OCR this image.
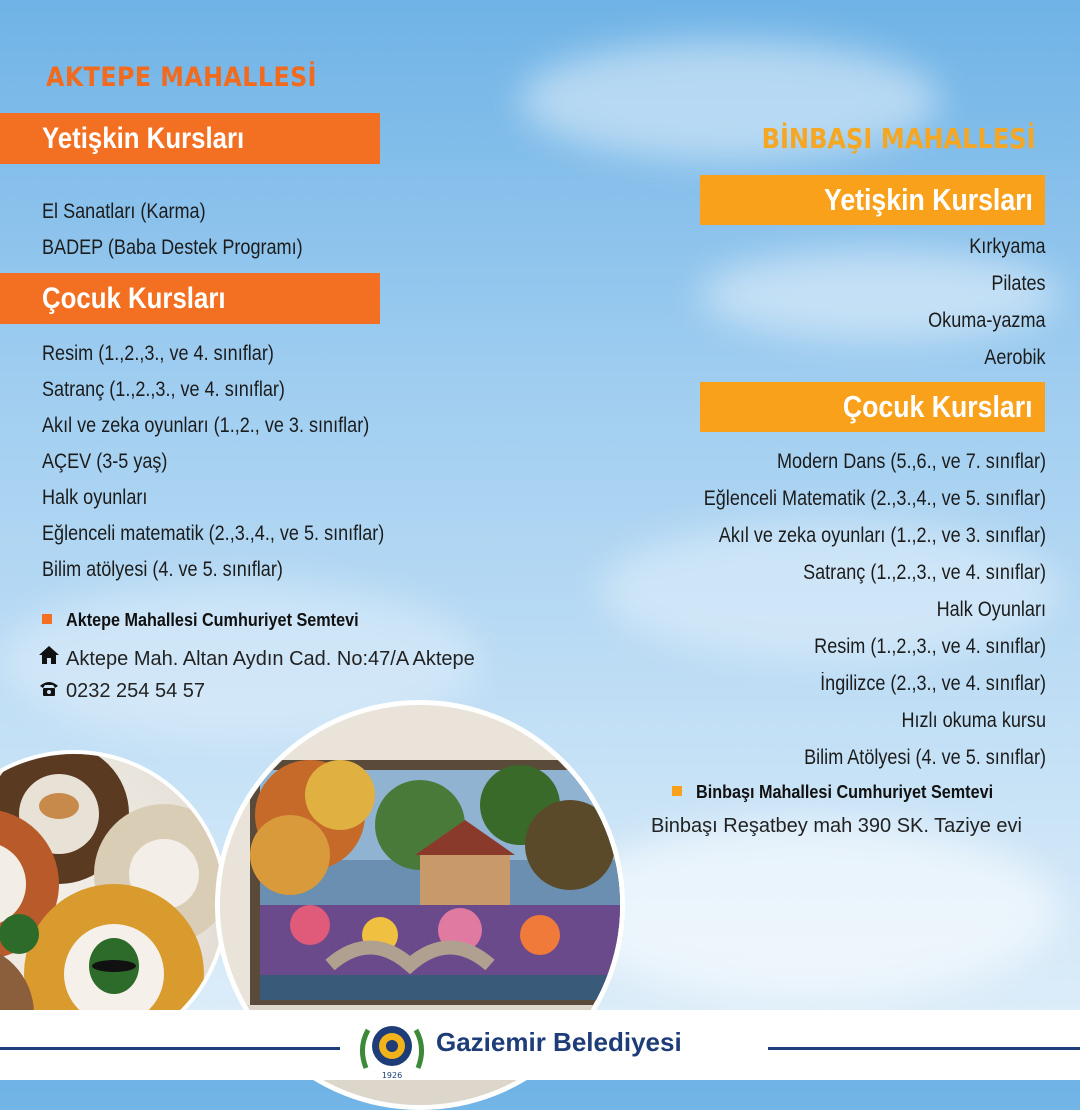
AKTEPE MAHALLESİ
Yetişkin Kursları
El Sanatları (Karma)
BADEP (Baba Destek Programı)
Çocuk Kursları
Resim (1.,2.,3., ve 4. sınıflar)
Satranç (1.,2.,3., ve 4. sınıflar)
Akıl ve zeka oyunları (1.,2., ve 3. sınıflar)
AÇEV (3-5 yaş)
Halk oyunları
Eğlenceli matematik (2.,3.,4., ve 5. sınıflar)
Bilim atölyesi (4. ve 5. sınıflar)
Aktepe Mahallesi Cumhuriyet Semtevi
Aktepe Mah. Altan Aydın Cad. No:47/A Aktepe
0232 254 54 57
BİNBAŞI MAHALLESİ
Yetişkin Kursları
Kırkyama
Pilates
Okuma-yazma
Aerobik
Çocuk Kursları
Modern Dans (5.,6., ve 7. sınıflar)
Eğlenceli Matematik (2.,3.,4., ve 5. sınıflar)
Akıl ve zeka oyunları (1.,2., ve 3. sınıflar)
Satranç (1.,2.,3., ve 4. sınıflar)
Halk Oyunları
Resim (1.,2.,3., ve 4. sınıflar)
İngilizce (2.,3., ve 4. sınıflar)
Hızlı okuma kursu
Bilim Atölyesi (4. ve 5. sınıflar)
Binbaşı Mahallesi Cumhuriyet Semtevi
Binbaşı Reşatbey mah 390 SK. Taziye evi
1926
Gaziemir Belediyesi
